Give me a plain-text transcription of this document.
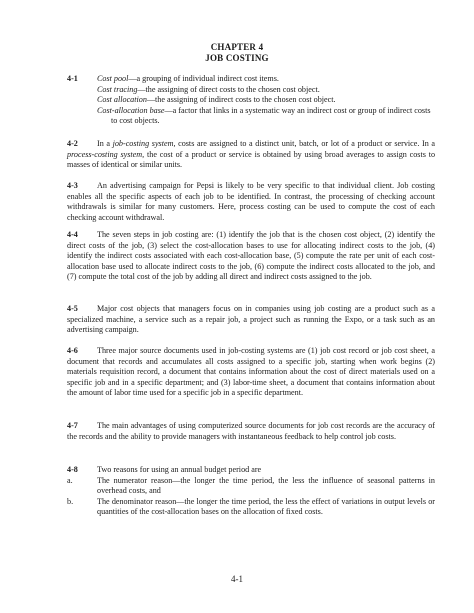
CHAPTER 4
JOB COSTING
4-1 Cost pool—a grouping of individual indirect cost items.
Cost tracing—the assigning of direct costs to the chosen cost object.
Cost allocation—the assigning of indirect costs to the chosen cost object.
Cost-allocation base—a factor that links in a systematic way an indirect cost or group of indirect costs to cost objects.
4-2	In a job-costing system, costs are assigned to a distinct unit, batch, or lot of a product or service. In a process-costing system, the cost of a product or service is obtained by using broad averages to assign costs to masses of identical or similar units.
4-3	An advertising campaign for Pepsi is likely to be very specific to that individual client. Job costing enables all the specific aspects of each job to be identified. In contrast, the processing of checking account withdrawals is similar for many customers. Here, process costing can be used to compute the cost of each checking account withdrawal.
4-4	The seven steps in job costing are: (1) identify the job that is the chosen cost object, (2) identify the direct costs of the job, (3) select the cost-allocation bases to use for allocating indirect costs to the job, (4) identify the indirect costs associated with each cost-allocation base, (5) compute the rate per unit of each cost-allocation base used to allocate indirect costs to the job, (6) compute the indirect costs allocated to the job, and (7) compute the total cost of the job by adding all direct and indirect costs assigned to the job.
4-5	Major cost objects that managers focus on in companies using job costing are a product such as a specialized machine, a service such as a repair job, a project such as running the Expo, or a task such as an advertising campaign.
4-6	Three major source documents used in job-costing systems are (1) job cost record or job cost sheet, a document that records and accumulates all costs assigned to a specific job, starting when work begins (2) materials requisition record, a document that contains information about the cost of direct materials used on a specific job and in a specific department; and (3) labor-time sheet, a document that contains information about the amount of labor time used for a specific job in a specific department.
4-7	The main advantages of using computerized source documents for job cost records are the accuracy of the records and the ability to provide managers with instantaneous feedback to help control job costs.
4-8	Two reasons for using an annual budget period are
a.	The numerator reason—the longer the time period, the less the influence of seasonal patterns in overhead costs, and
b.	The denominator reason—the longer the time period, the less the effect of variations in output levels or quantities of the cost-allocation bases on the allocation of fixed costs.
4-1
